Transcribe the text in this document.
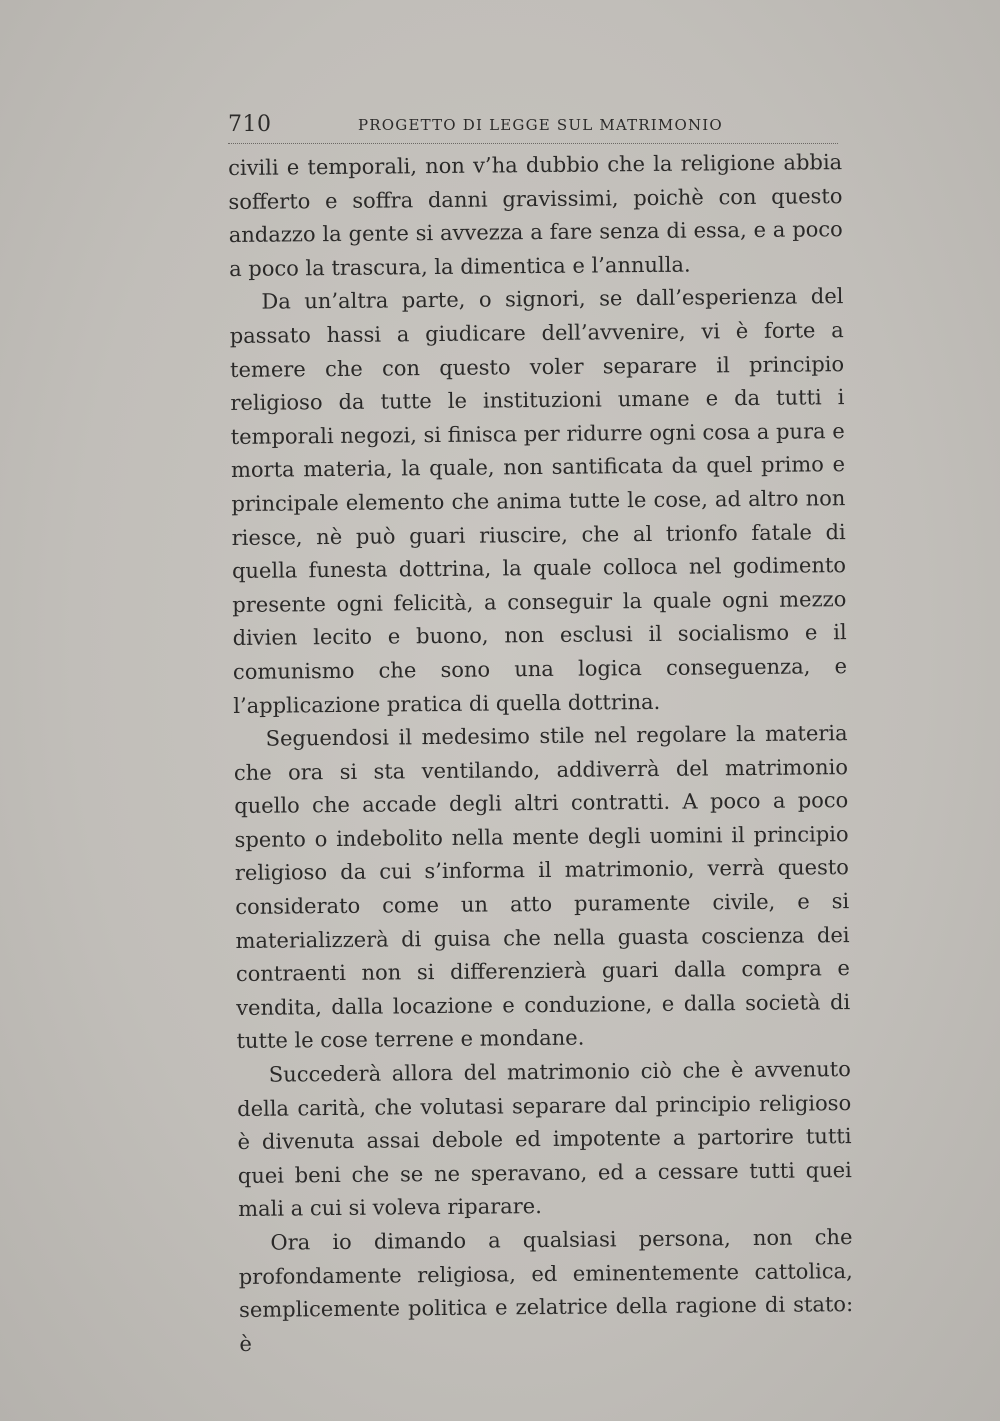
710	PROGETTO DI LEGGE SUL MATRIMONIO

civili e temporali, non v’ha dubbio che la religione abbia sofferto e soffra danni gravissimi, poichè con questo andazzo la gente si avvezza a fare senza di essa, e a poco a poco la trascura, la dimentica e l’annulla.

Da un’altra parte, o signori, se dall’esperienza del passato hassi a giudicare dell’avvenire, vi è forte a temere che con questo voler separare il principio religioso da tutte le instituzioni umane e da tutti i temporali negozi, si finisca per ridurre ogni cosa a pura e morta materia, la quale, non santificata da quel primo e principale elemento che anima tutte le cose, ad altro non riesce, nè può guari riuscire, che al trionfo fatale di quella funesta dottrina, la quale colloca nel godimento presente ogni felicità, a conseguir la quale ogni mezzo divien lecito e buono, non esclusi il socialismo e il comunismo che sono una logica conseguenza, e l’applicazione pratica di quella dottrina.

Seguendosi il medesimo stile nel regolare la materia che ora si sta ventilando, addiverrà del matrimonio quello che accade degli altri contratti. A poco a poco spento o indebolito nella mente degli uomini il principio religioso da cui s’informa il matrimonio, verrà questo considerato come un atto puramente civile, e si materializzerà di guisa che nella guasta coscienza dei contraenti non si differenzierà guari dalla compra e vendita, dalla locazione e conduzione, e dalla società di tutte le cose terrene e mondane.

Succederà allora del matrimonio ciò che è avvenuto della carità, che volutasi separare dal principio religioso è divenuta assai debole ed impotente a partorire tutti quei beni che se ne speravano, ed a cessare tutti quei mali a cui si voleva riparare.

Ora io dimando a qualsiasi persona, non che profondamente religiosa, ed eminentemente cattolica, semplicemente politica e zelatrice della ragione di stato: è
